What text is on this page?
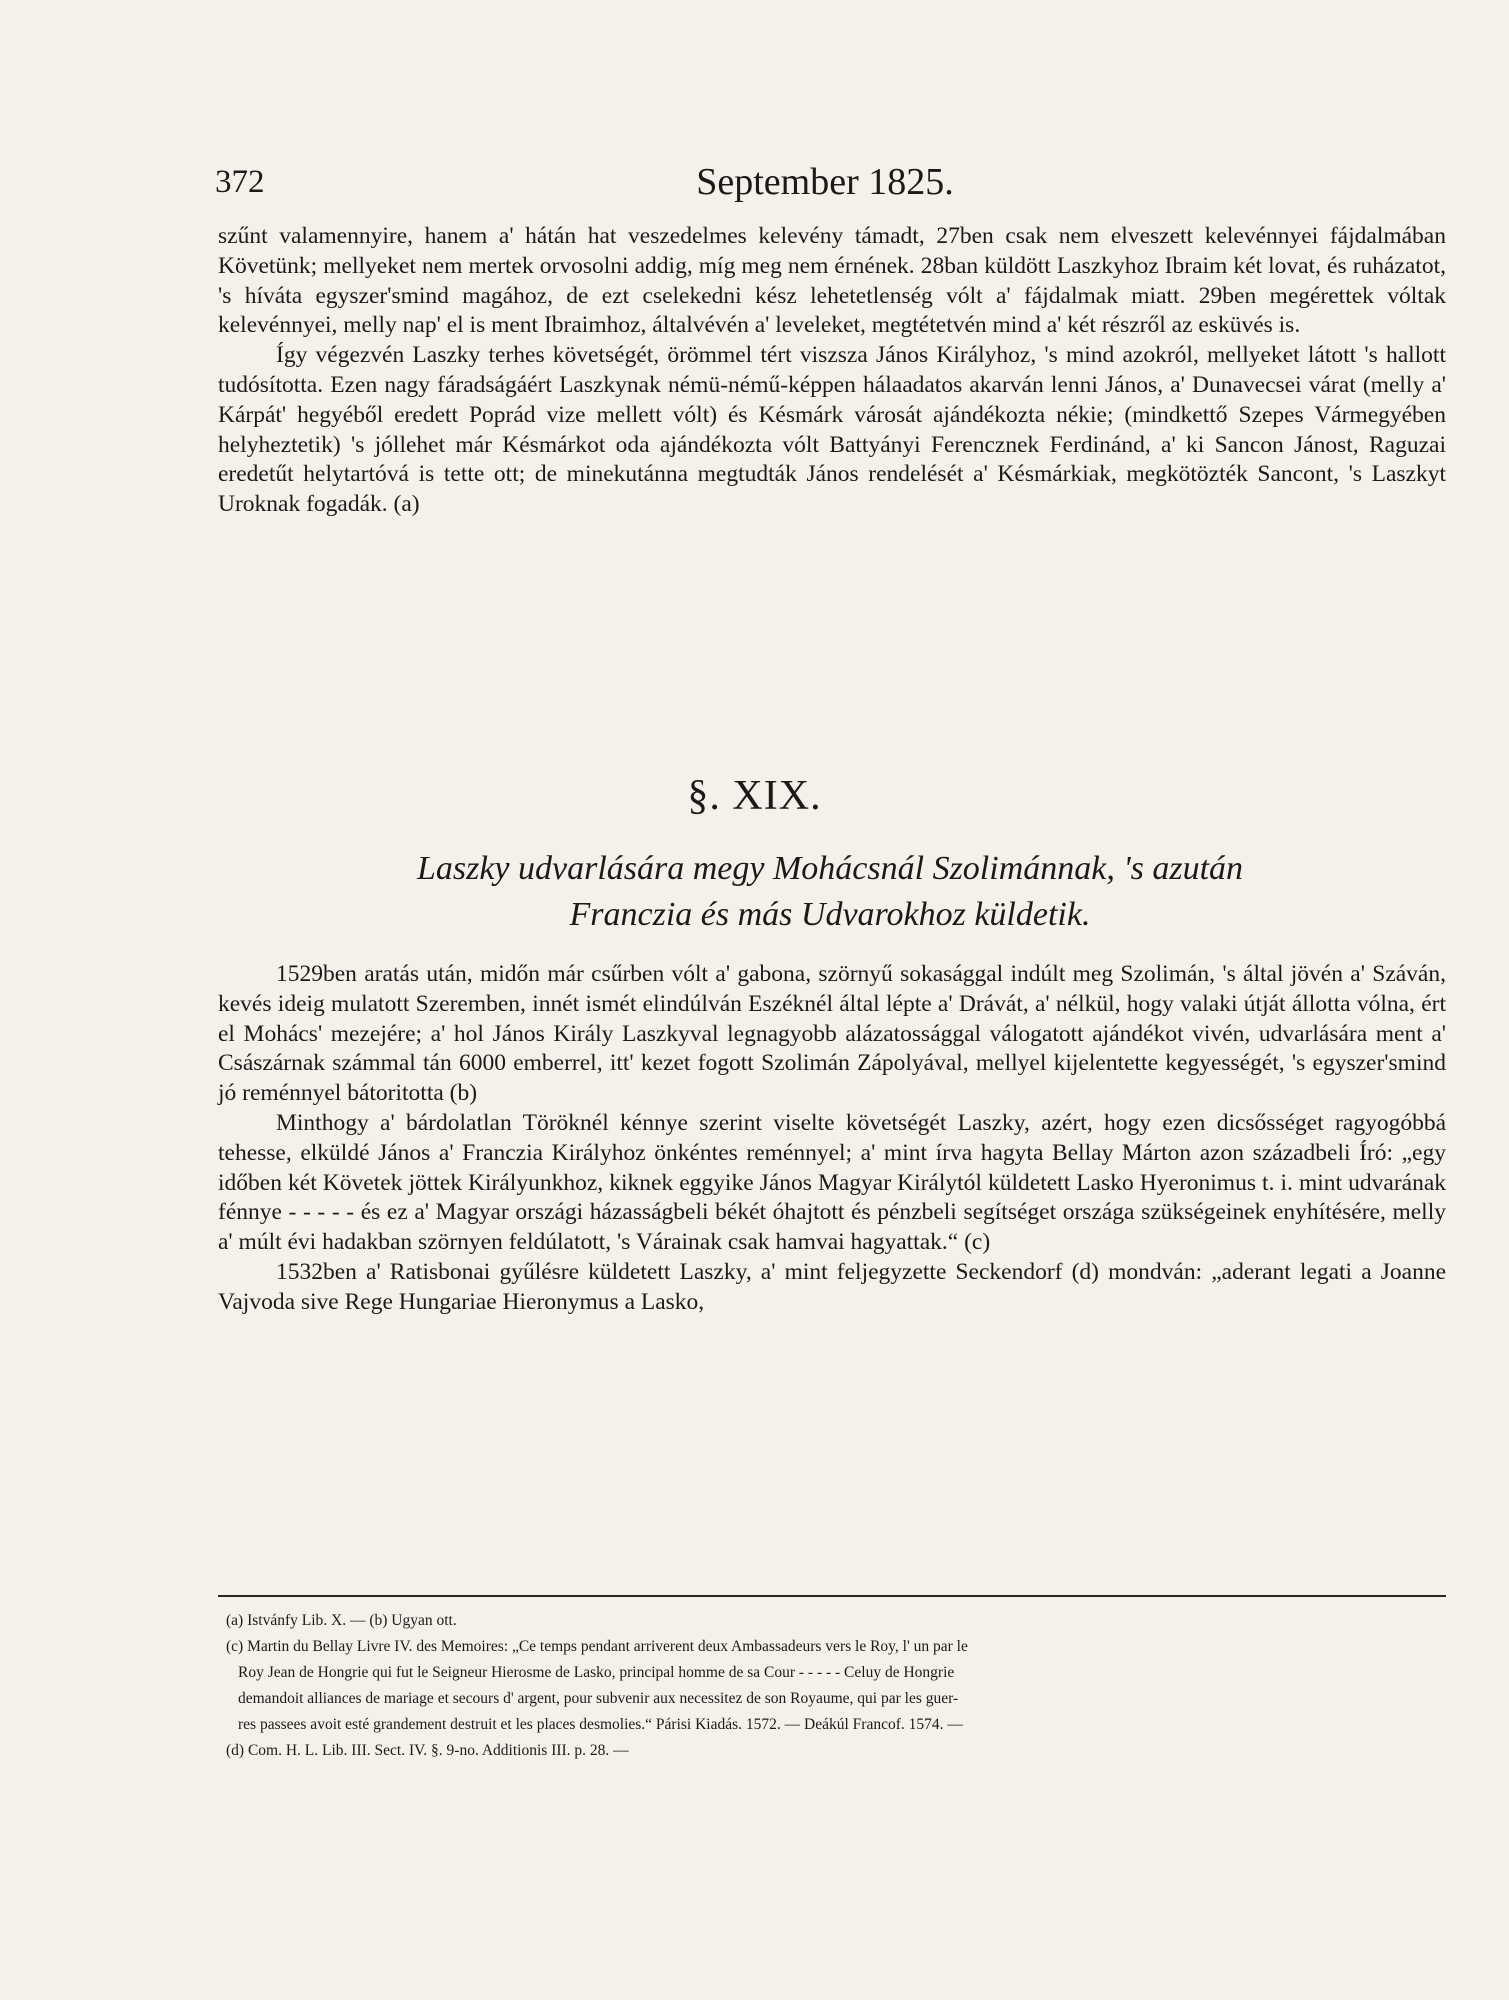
372	September 1825.

szűnt valamennyire, hanem a' hátán hat veszedelmes kelevény támadt, 27ben csak nem elveszett kelevénnyei fájdalmában Követünk; mellyeket nem mertek orvosolni addig, míg meg nem érnének. 28ban küldött Laszkyhoz Ibraim két lovat, és ruházatot, 's híváta egyszer'smind magához, de ezt cselekedni kész lehetetlenség vólt a' fájdalmak miatt. 29ben megérettek vóltak kelevénnyei, melly nap' el is ment Ibraimhoz, általvévén a' leveleket, megtétetvén mind a' két részről az esküvés is.

Így végezvén Laszky terhes követségét, örömmel tért viszsza János Királyhoz, 's mind azokról, mellyeket látott 's hallott tudósította. Ezen nagy fáradságáért Laszkynak némü-némű-képpen hálaadatos akarván lenni János, a' Dunavecsei várat (melly a' Kárpát' hegyéből eredett Poprád vize mellett vólt) és Késmárk városát ajándékozta nékie; (mindkettő Szepes Vármegyében helyheztetik) 's jóllehet már Késmárkot oda ajándékozta vólt Battyányi Ferencznek Ferdinánd, a' ki Sancon Jánost, Raguzai eredetűt helytartóvá is tette ott; de minekutánna megtudták János rendelését a' Késmárkiak, megkötözték Sancont, 's Laszkyt Uroknak fogadák. (a)

§. XIX.
Laszky udvarlására megy Mohácsnál Szolimánnak, 's azután
Franczia és más Udvarokhoz küldetik.

1529ben aratás után, midőn már csűrben vólt a' gabona, szörnyű sokasággal indúlt meg Szolimán, 's által jövén a' Száván, kevés ideig mulatott Szeremben, innét ismét elindúlván Eszéknél által lépte a' Drávát, a' nélkül, hogy valaki útját állotta vólna, ért el Mohács' mezejére; a' hol János Király Laszkyval legnagyobb alázatossággal válogatott ajándékot vivén, udvarlására ment a' Császárnak számmal tán 6000 emberrel, itt' kezet fogott Szolimán Zápolyával, mellyel kijelentette kegyességét, 's egyszer'smind jó reménnyel bátoritotta (b)

Minthogy a' bárdolatlan Töröknél kénnye szerint viselte követségét Laszky, azért, hogy ezen dicsősséget ragyogóbbá tehesse, elküldé János a' Franczia Királyhoz önkéntes reménnyel; a' mint írva hagyta Bellay Márton azon századbeli Író: „egy időben két Követek jöttek Királyunkhoz, kiknek eggyike János Magyar Királytól küldetett Lasko Hyeronimus t. i. mint udvarának fénnye - - - - - és ez a' Magyar országi házasságbeli békét óhajtott és pénzbeli segítséget országa szükségeinek enyhítésére, melly a' múlt évi hadakban szörnyen feldúlatott, 's Várainak csak hamvai hagyattak.“ (c)

1532ben a' Ratisbonai gyűlésre küldetett Laszky, a' mint feljegyzette Seckendorf (d) mondván: „aderant legati a Joanne Vajvoda sive Rege Hungariae Hieronymus a Lasko,

(a) Istvánfy Lib. X. — (b) Ugyan ott.

(c) Martin du Bellay Livre IV. des Memoires: „Ce temps pendant arriverent deux Ambassadeurs vers le Roy, l' un par le

Roy Jean de Hongrie qui fut le Seigneur Hierosme de Lasko, principal homme de sa Cour - - - - - Celuy de Hongrie

demandoit alliances de mariage et secours d' argent, pour subvenir aux necessitez de son Royaume, qui par les guer-

res passees avoit esté grandement destruit et les places desmolies.“ Párisi Kiadás. 1572. — Deákúl Francof. 1574. —

(d) Com. H. L. Lib. III. Sect. IV. §. 9-no. Additionis III. p. 28. —
